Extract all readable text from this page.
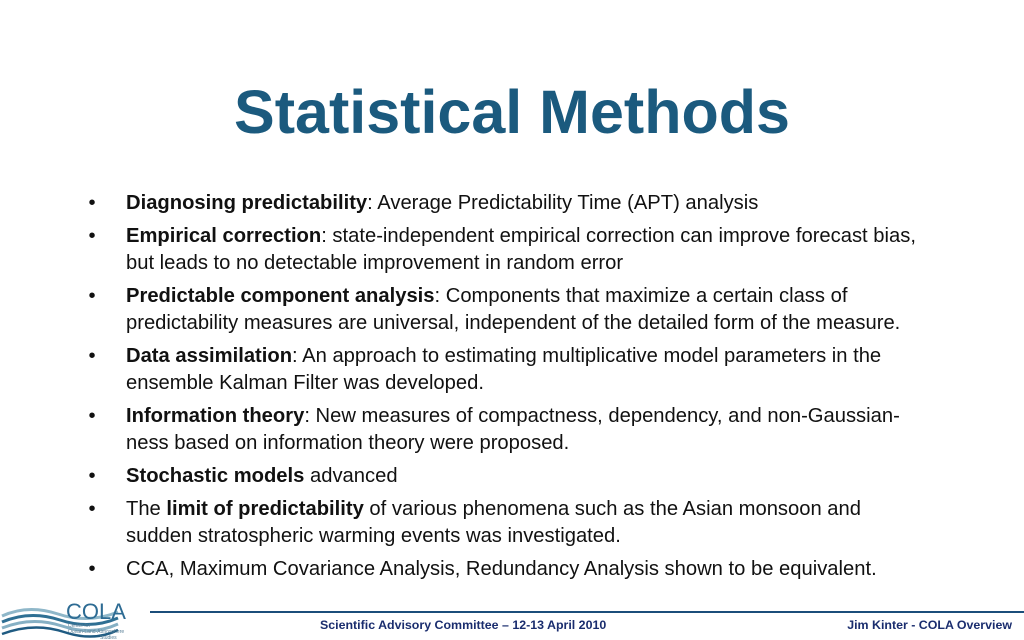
Statistical Methods
• Diagnosing predictability: Average Predictability Time (APT) analysis
• Empirical correction: state-independent empirical correction can improve forecast bias, but leads to no detectable improvement in random error
• Predictable component analysis: Components that maximize a certain class of predictability measures are universal, independent of the detailed form of the measure.
• Data assimilation: An approach to estimating multiplicative model parameters in the ensemble Kalman Filter was developed.
• Information theory: New measures of compactness, dependency, and non-Gaussian-ness based on information theory were proposed.
• Stochastic models advanced
• The limit of predictability of various phenomena such as the Asian monsoon and sudden stratospheric warming events was investigated.
• CCA, Maximum Covariance Analysis, Redundancy Analysis shown to be equivalent.
Scientific Advisory Committee – 12-13 April 2010	Jim Kinter - COLA Overview
COLA
Center for
Ocean-Land-Atmosphere
Studies
